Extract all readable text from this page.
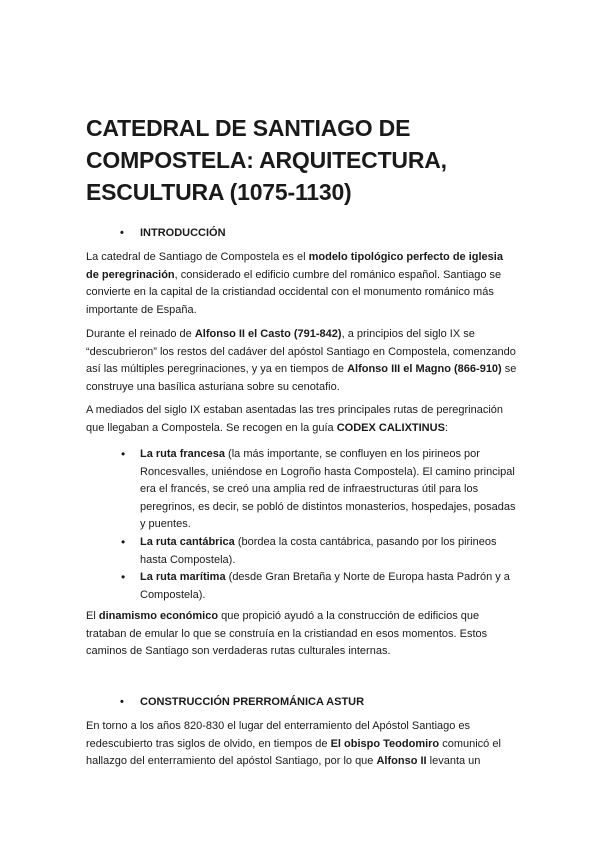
CATEDRAL DE SANTIAGO DE COMPOSTELA: ARQUITECTURA, ESCULTURA (1075-1130)
• INTRODUCCIÓN

La catedral de Santiago de Compostela es el modelo tipológico perfecto de iglesia de peregrinación, considerado el edificio cumbre del románico español. Santiago se convierte en la capital de la cristiandad occidental con el monumento románico más importante de España.

Durante el reinado de Alfonso II el Casto (791-842), a principios del siglo IX se “descubrieron” los restos del cadáver del apóstol Santiago en Compostela, comenzando así las múltiples peregrinaciones, y ya en tiempos de Alfonso III el Magno (866-910) se construye una basílica asturiana sobre su cenotafio.

A mediados del siglo IX estaban asentadas las tres principales rutas de peregrinación que llegaban a Compostela. Se recogen en la guía CODEX CALIXTINUS:

• La ruta francesa (la más importante, se confluyen en los pirineos por Roncesvalles, uniéndose en Logroño hasta Compostela). El camino principal era el francés, se creó una amplia red de infraestructuras útil para los peregrinos, es decir, se pobló de distintos monasterios, hospedajes, posadas y puentes.
• La ruta cantábrica (bordea la costa cantábrica, pasando por los pirineos hasta Compostela).
• La ruta marítima (desde Gran Bretaña y Norte de Europa hasta Padrón y a Compostela).

El dinamismo económico que propició ayudó a la construcción de edificios que trataban de emular lo que se construía en la cristiandad en esos momentos. Estos caminos de Santiago son verdaderas rutas culturales internas.

• CONSTRUCCIÓN PRERROMÁNICA ASTUR

En torno a los años 820-830 el lugar del enterramiento del Apóstol Santiago es redescubierto tras siglos de olvido, en tiempos de El obispo Teodomiro comunicó el hallazgo del enterramiento del apóstol Santiago, por lo que Alfonso II levanta un
